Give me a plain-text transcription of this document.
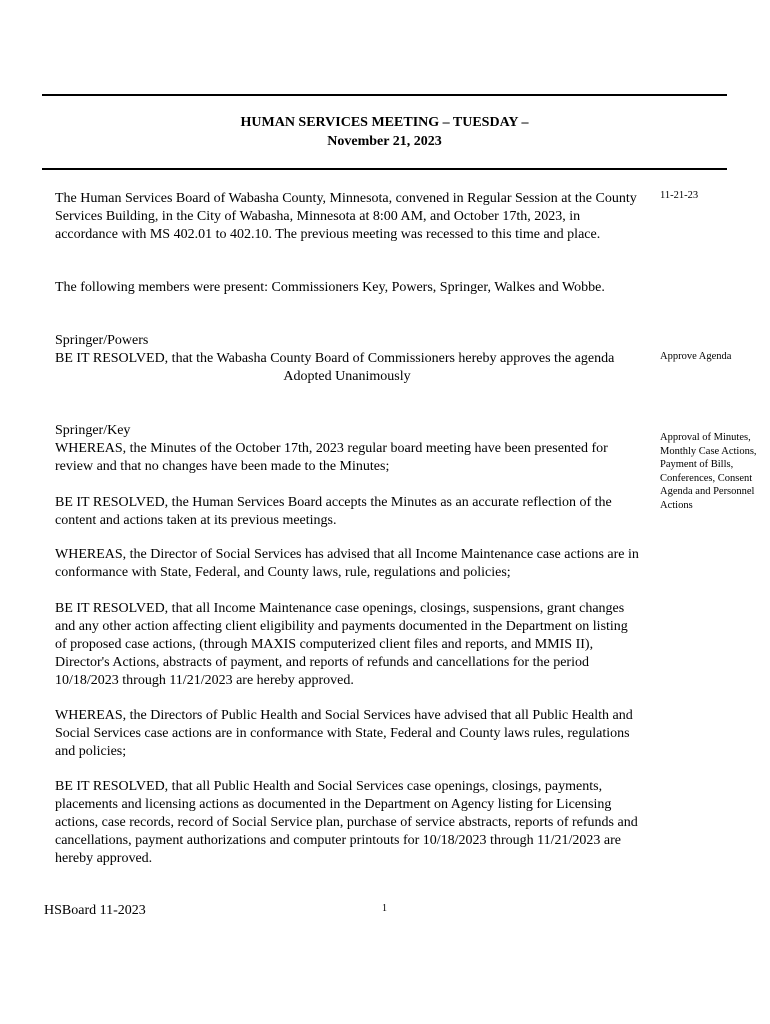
HUMAN SERVICES MEETING – TUESDAY –
November 21, 2023
11-21-23
Approve Agenda
Approval of Minutes, Monthly Case Actions, Payment of Bills, Conferences, Consent Agenda and Personnel Actions

The Human Services Board of Wabasha County, Minnesota, convened in Regular Session at the County Services Building, in the City of Wabasha, Minnesota at 8:00 AM, and October 17th, 2023, in accordance with MS 402.01 to 402.10. The previous meeting was recessed to this time and place.

The following members were present: Commissioners Key, Powers, Springer, Walkes and Wobbe.

Springer/Powers

BE IT RESOLVED, that the Wabasha County Board of Commissioners hereby approves the agenda

Adopted Unanimously

Springer/Key

WHEREAS, the Minutes of the October 17th, 2023 regular board meeting have been presented for review and that no changes have been made to the Minutes;

BE IT RESOLVED, the Human Services Board accepts the Minutes as an accurate reflection of the content and actions taken at its previous meetings.

WHEREAS, the Director of Social Services has advised that all Income Maintenance case actions are in conformance with State, Federal, and County laws, rule, regulations and policies;

BE IT RESOLVED, that all Income Maintenance case openings, closings, suspensions, grant changes and any other action affecting client eligibility and payments documented in the Department on listing of proposed case actions, (through MAXIS computerized client files and reports, and MMIS II), Director's Actions, abstracts of payment, and reports of refunds and cancellations for the period 10/18/2023 through 11/21/2023 are hereby approved.

WHEREAS, the Directors of Public Health and Social Services have advised that all Public Health and Social Services case actions are in conformance with State, Federal and County laws rules, regulations and policies;

BE IT RESOLVED, that all Public Health and Social Services case openings, closings, payments, placements and licensing actions as documented in the Department on Agency listing for Licensing actions, case records, record of Social Service plan, purchase of service abstracts, reports of refunds and cancellations, payment authorizations and computer printouts for 10/18/2023 through 11/21/2023 are hereby approved.

HSBoard 11-2023	1
